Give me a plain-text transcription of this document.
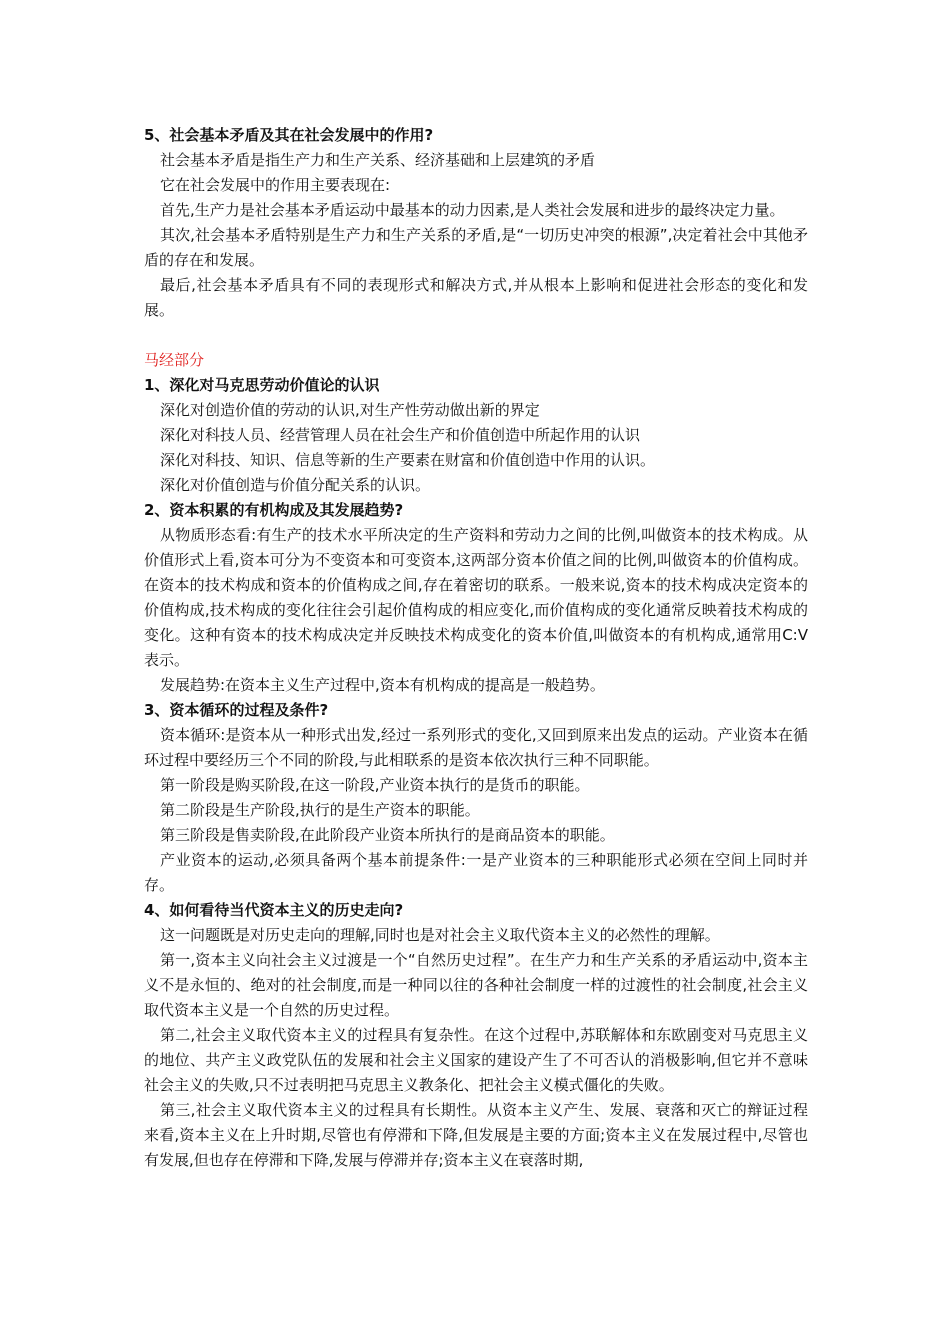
5、社会基本矛盾及其在社会发展中的作用?

社会基本矛盾是指生产力和生产关系、经济基础和上层建筑的矛盾

它在社会发展中的作用主要表现在:

首先,生产力是社会基本矛盾运动中最基本的动力因素,是人类社会发展和进步的最终决定力量。

其次,社会基本矛盾特别是生产力和生产关系的矛盾,是“一切历史冲突的根源”,决定着社会中其他矛盾的存在和发展。

最后,社会基本矛盾具有不同的表现形式和解决方式,并从根本上影响和促进社会形态的变化和发展。

马经部分

1、深化对马克思劳动价值论的认识

深化对创造价值的劳动的认识,对生产性劳动做出新的界定

深化对科技人员、经营管理人员在社会生产和价值创造中所起作用的认识

深化对科技、知识、信息等新的生产要素在财富和价值创造中作用的认识。

深化对价值创造与价值分配关系的认识。

2、资本积累的有机构成及其发展趋势?

从物质形态看:有生产的技术水平所决定的生产资料和劳动力之间的比例,叫做资本的技术构成。从价值形式上看,资本可分为不变资本和可变资本,这两部分资本价值之间的比例,叫做资本的价值构成。在资本的技术构成和资本的价值构成之间,存在着密切的联系。一般来说,资本的技术构成决定资本的价值构成,技术构成的变化往往会引起价值构成的相应变化,而价值构成的变化通常反映着技术构成的变化。这种有资本的技术构成决定并反映技术构成变化的资本价值,叫做资本的有机构成,通常用C:V表示。

发展趋势:在资本主义生产过程中,资本有机构成的提高是一般趋势。

3、资本循环的过程及条件?

资本循环:是资本从一种形式出发,经过一系列形式的变化,又回到原来出发点的运动。产业资本在循环过程中要经历三个不同的阶段,与此相联系的是资本依次执行三种不同职能。

第一阶段是购买阶段,在这一阶段,产业资本执行的是货币的职能。

第二阶段是生产阶段,执行的是生产资本的职能。

第三阶段是售卖阶段,在此阶段产业资本所执行的是商品资本的职能。

产业资本的运动,必须具备两个基本前提条件:一是产业资本的三种职能形式必须在空间上同时并存。

4、如何看待当代资本主义的历史走向?

这一问题既是对历史走向的理解,同时也是对社会主义取代资本主义的必然性的理解。

第一,资本主义向社会主义过渡是一个“自然历史过程”。在生产力和生产关系的矛盾运动中,资本主义不是永恒的、绝对的社会制度,而是一种同以往的各种社会制度一样的过渡性的社会制度,社会主义取代资本主义是一个自然的历史过程。

第二,社会主义取代资本主义的过程具有复杂性。在这个过程中,苏联解体和东欧剧变对马克思主义的地位、共产主义政党队伍的发展和社会主义国家的建设产生了不可否认的消极影响,但它并不意味社会主义的失败,只不过表明把马克思主义教条化、把社会主义模式僵化的失败。

第三,社会主义取代资本主义的过程具有长期性。从资本主义产生、发展、衰落和灭亡的辩证过程来看,资本主义在上升时期,尽管也有停滞和下降,但发展是主要的方面;资本主义在发展过程中,尽管也有发展,但也存在停滞和下降,发展与停滞并存;资本主义在衰落时期,
